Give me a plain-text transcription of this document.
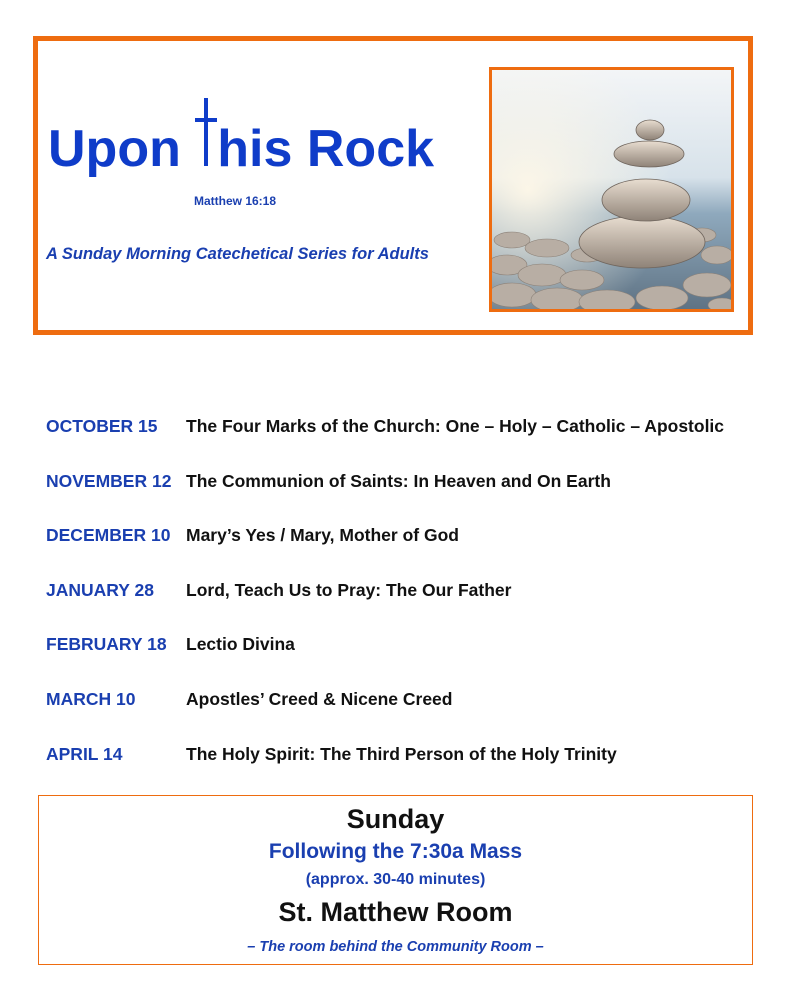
Upon
his Rock
Matthew 16:18
A Sunday Morning Catechetical Series for Adults
OCTOBER 15 The Four Marks of the Church: One – Holy – Catholic – Apostolic
NOVEMBER 12 The Communion of Saints: In Heaven and On Earth
DECEMBER 10 Mary’s Yes / Mary, Mother of God
JANUARY 28 Lord, Teach Us to Pray: The Our Father
FEBRUARY 18 Lectio Divina
MARCH 10	Apostles’ Creed & Nicene Creed
APRIL 14	The Holy Spirit: The Third Person of the Holy Trinity
Sunday
Following the 7:30a Mass
(approx. 30-40 minutes)
St. Matthew Room
– The room behind the Community Room –
